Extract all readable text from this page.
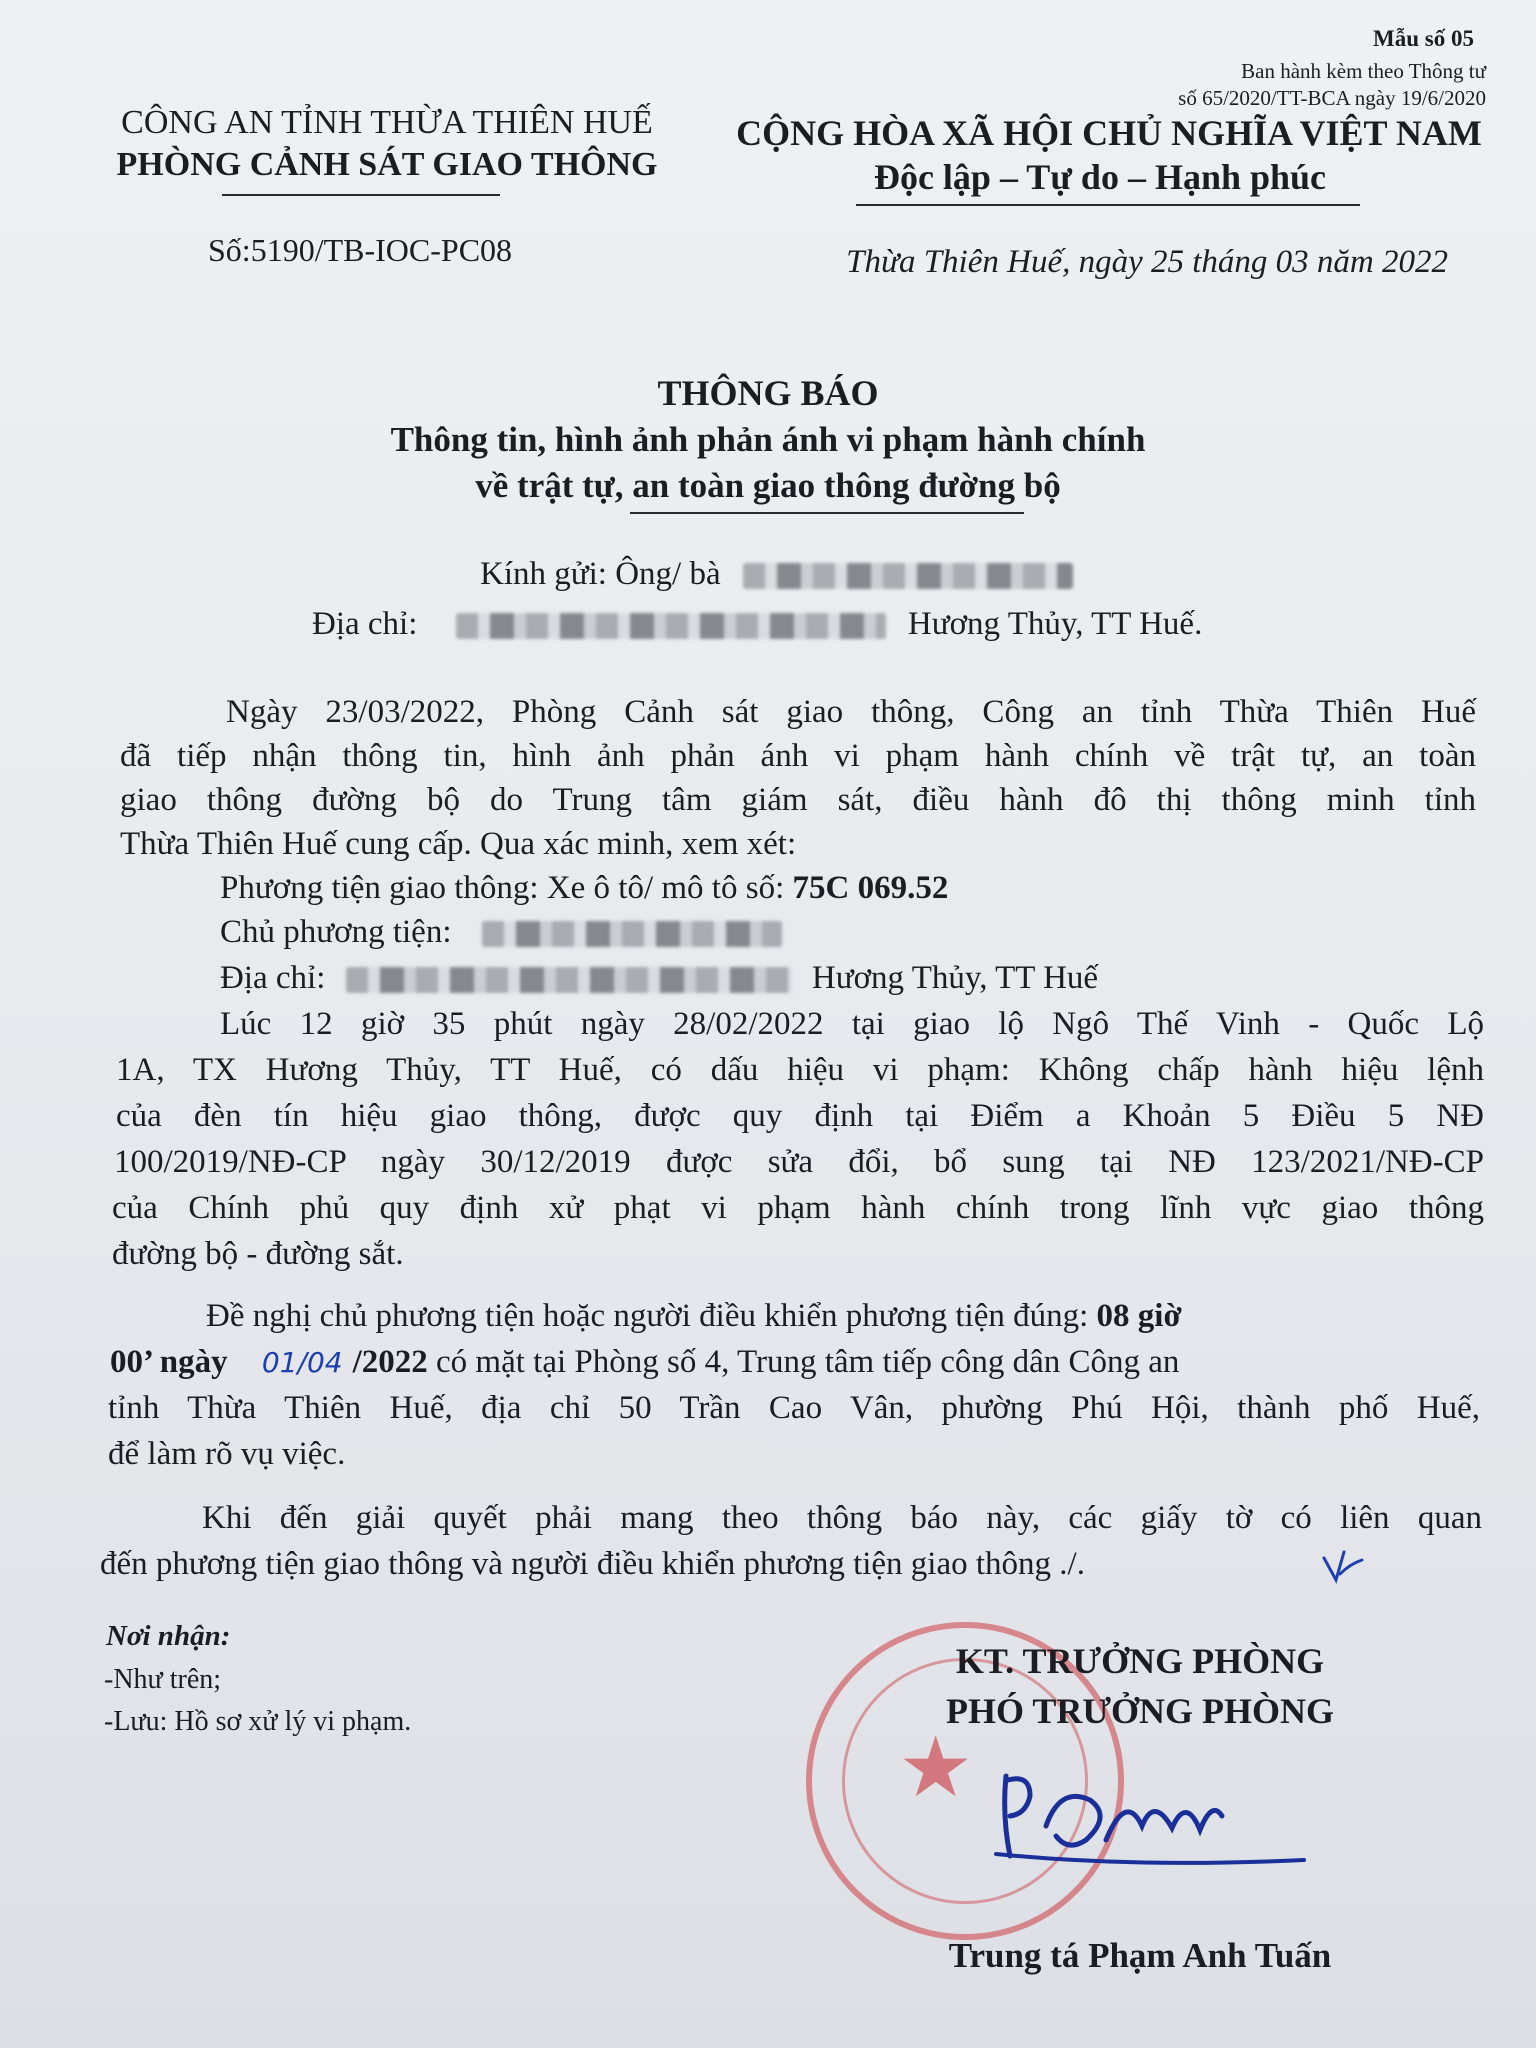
Mẫu số 05
Ban hành kèm theo Thông tư
số 65/2020/TT-BCA ngày 19/6/2020
CÔNG AN TỈNH THỪA THIÊN HUẾ
PHÒNG CẢNH SÁT GIAO THÔNG
CỘNG HÒA XÃ HỘI CHỦ NGHĨA VIỆT NAM
Độc lập – Tự do – Hạnh phúc
Số:5190/TB-IOC-PC08	Thừa Thiên Huế, ngày 25 tháng 03 năm 2022
THÔNG BÁO
Thông tin, hình ảnh phản ánh vi phạm hành chính
về trật tự, an toàn giao thông đường bộ
Kính gửi: Ông/ bà
Địa chỉ:	Hương Thủy, TT Huế.
Ngày 23/03/2022, Phòng Cảnh sát giao thông, Công an tỉnh Thừa Thiên Huế
đã tiếp nhận thông tin, hình ảnh phản ánh vi phạm hành chính về trật tự, an toàn
giao thông đường bộ do Trung tâm giám sát, điều hành đô thị thông minh tỉnh
Thừa Thiên Huế cung cấp. Qua xác minh, xem xét:
Phương tiện giao thông: Xe ô tô/ mô tô số: 75C 069.52
Chủ phương tiện:
Địa chỉ:	Hương Thủy, TT Huế
Lúc 12 giờ 35 phút ngày 28/02/2022 tại giao lộ Ngô Thế Vinh - Quốc Lộ
1A, TX Hương Thủy, TT Huế, có dấu hiệu vi phạm: Không chấp hành hiệu lệnh
của đèn tín hiệu giao thông, được quy định tại Điểm a Khoản 5 Điều 5 NĐ
100/2019/NĐ-CP ngày 30/12/2019 được sửa đổi, bổ sung tại NĐ 123/2021/NĐ-CP
của Chính phủ quy định xử phạt vi phạm hành chính trong lĩnh vực giao thông
đường bộ - đường sắt.
Đề nghị chủ phương tiện hoặc người điều khiển phương tiện đúng: 08 giờ
00’ ngày 01/04 /2022 có mặt tại Phòng số 4, Trung tâm tiếp công dân Công an
tỉnh Thừa Thiên Huế, địa chỉ 50 Trần Cao Vân, phường Phú Hội, thành phố Huế,
để làm rõ vụ việc.
Khi đến giải quyết phải mang theo thông báo này, các giấy tờ có liên quan
đến phương tiện giao thông và người điều khiển phương tiện giao thông ./.
Nơi nhận:
-Như trên;
-Lưu: Hồ sơ xử lý vi phạm.	★
KT. TRƯỞNG PHÒNG
PHÓ TRƯỞNG PHÒNG
Trung tá Phạm Anh Tuấn
